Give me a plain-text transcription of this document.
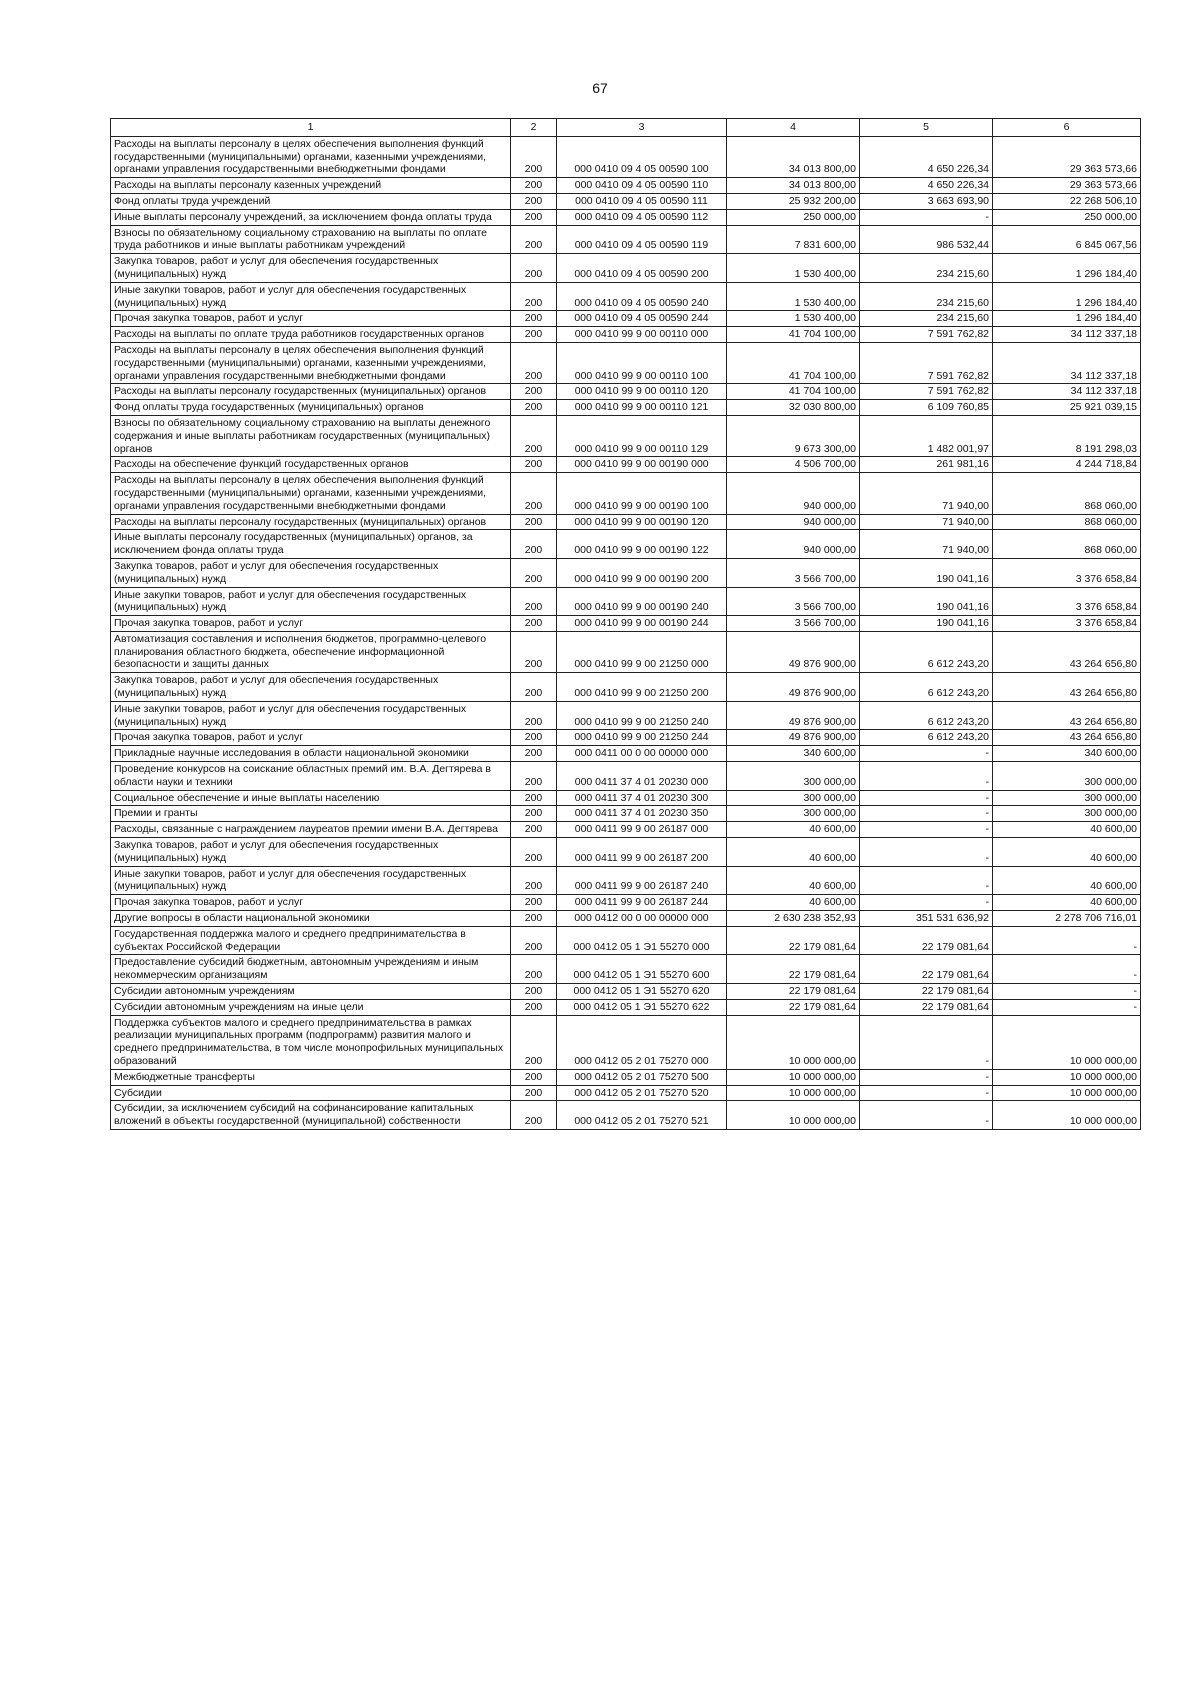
67
1	2	3	4	5	6
Расходы на выплаты персоналу в целях обеспечения выполнения функций государственными (муниципальными) органами, казенными учреждениями, органами управления государственными внебюджетными фондами	200	000 0410 09 4 05 00590 100	34 013 800,00	4 650 226,34	29 363 573,66
Расходы на выплаты персоналу казенных учреждений	200	000 0410 09 4 05 00590 110	34 013 800,00	4 650 226,34	29 363 573,66
Фонд оплаты труда учреждений	200	000 0410 09 4 05 00590 111	25 932 200,00	3 663 693,90	22 268 506,10
Иные выплаты персоналу учреждений, за исключением фонда оплаты труда	200	000 0410 09 4 05 00590 112	250 000,00	-	250 000,00
Взносы по обязательному социальному страхованию на выплаты по оплате труда работников и иные выплаты работникам учреждений	200	000 0410 09 4 05 00590 119	7 831 600,00	986 532,44	6 845 067,56
Закупка товаров, работ и услуг для обеспечения государственных (муниципальных) нужд	200	000 0410 09 4 05 00590 200	1 530 400,00	234 215,60	1 296 184,40
Иные закупки товаров, работ и услуг для обеспечения государственных (муниципальных) нужд	200	000 0410 09 4 05 00590 240	1 530 400,00	234 215,60	1 296 184,40
Прочая закупка товаров, работ и услуг	200	000 0410 09 4 05 00590 244	1 530 400,00	234 215,60	1 296 184,40
Расходы на выплаты по оплате труда работников государственных органов	200	000 0410 99 9 00 00110 000	41 704 100,00	7 591 762,82	34 112 337,18
Расходы на выплаты персоналу в целях обеспечения выполнения функций государственными (муниципальными) органами, казенными учреждениями, органами управления государственными внебюджетными фондами	200	000 0410 99 9 00 00110 100	41 704 100,00	7 591 762,82	34 112 337,18
Расходы на выплаты персоналу государственных (муниципальных) органов	200	000 0410 99 9 00 00110 120	41 704 100,00	7 591 762,82	34 112 337,18
Фонд оплаты труда государственных (муниципальных) органов	200	000 0410 99 9 00 00110 121	32 030 800,00	6 109 760,85	25 921 039,15
Взносы по обязательному социальному страхованию на выплаты денежного содержания и иные выплаты работникам государственных (муниципальных) органов	200	000 0410 99 9 00 00110 129	9 673 300,00	1 482 001,97	8 191 298,03
Расходы на обеспечение функций государственных органов	200	000 0410 99 9 00 00190 000	4 506 700,00	261 981,16	4 244 718,84
Расходы на выплаты персоналу в целях обеспечения выполнения функций государственными (муниципальными) органами, казенными учреждениями, органами управления государственными внебюджетными фондами	200	000 0410 99 9 00 00190 100	940 000,00	71 940,00	868 060,00
Расходы на выплаты персоналу государственных (муниципальных) органов	200	000 0410 99 9 00 00190 120	940 000,00	71 940,00	868 060,00
Иные выплаты персоналу государственных (муниципальных) органов, за исключением фонда оплаты труда	200	000 0410 99 9 00 00190 122	940 000,00	71 940,00	868 060,00
Закупка товаров, работ и услуг для обеспечения государственных (муниципальных) нужд	200	000 0410 99 9 00 00190 200	3 566 700,00	190 041,16	3 376 658,84
Иные закупки товаров, работ и услуг для обеспечения государственных (муниципальных) нужд	200	000 0410 99 9 00 00190 240	3 566 700,00	190 041,16	3 376 658,84
Прочая закупка товаров, работ и услуг	200	000 0410 99 9 00 00190 244	3 566 700,00	190 041,16	3 376 658,84
Автоматизация составления и исполнения бюджетов, программно-целевого планирования областного бюджета, обеспечение информационной безопасности и защиты данных	200	000 0410 99 9 00 21250 000	49 876 900,00	6 612 243,20	43 264 656,80
Закупка товаров, работ и услуг для обеспечения государственных (муниципальных) нужд	200	000 0410 99 9 00 21250 200	49 876 900,00	6 612 243,20	43 264 656,80
Иные закупки товаров, работ и услуг для обеспечения государственных (муниципальных) нужд	200	000 0410 99 9 00 21250 240	49 876 900,00	6 612 243,20	43 264 656,80
Прочая закупка товаров, работ и услуг	200	000 0410 99 9 00 21250 244	49 876 900,00	6 612 243,20	43 264 656,80
Прикладные научные исследования в области национальной экономики	200	000 0411 00 0 00 00000 000	340 600,00	-	340 600,00
Проведение конкурсов на соискание областных премий им. В.А. Дегтярева в области науки и техники	200	000 0411 37 4 01 20230 000	300 000,00	-	300 000,00
Социальное обеспечение и иные выплаты населению	200	000 0411 37 4 01 20230 300	300 000,00	-	300 000,00
Премии и гранты	200	000 0411 37 4 01 20230 350	300 000,00	-	300 000,00
Расходы, связанные с награждением лауреатов премии имени В.А. Дегтярева	200	000 0411 99 9 00 26187 000	40 600,00	-	40 600,00
Закупка товаров, работ и услуг для обеспечения государственных (муниципальных) нужд	200	000 0411 99 9 00 26187 200	40 600,00	-	40 600,00
Иные закупки товаров, работ и услуг для обеспечения государственных (муниципальных) нужд	200	000 0411 99 9 00 26187 240	40 600,00	-	40 600,00
Прочая закупка товаров, работ и услуг	200	000 0411 99 9 00 26187 244	40 600,00	-	40 600,00
Другие вопросы в области национальной экономики	200	000 0412 00 0 00 00000 000	2 630 238 352,93	351 531 636,92	2 278 706 716,01
Государственная поддержка малого и среднего предпринимательства в субъектах Российской Федерации	200	000 0412 05 1 Э1 55270 000	22 179 081,64	22 179 081,64	-
Предоставление субсидий бюджетным, автономным учреждениям и иным некоммерческим организациям	200	000 0412 05 1 Э1 55270 600	22 179 081,64	22 179 081,64	-
Субсидии автономным учреждениям	200	000 0412 05 1 Э1 55270 620	22 179 081,64	22 179 081,64	-
Субсидии автономным учреждениям на иные цели	200	000 0412 05 1 Э1 55270 622	22 179 081,64	22 179 081,64	-
Поддержка субъектов малого и среднего предпринимательства в рамках реализации муниципальных программ (подпрограмм) развития малого и среднего предпринимательства, в том числе монопрофильных муниципальных образований	200	000 0412 05 2 01 75270 000	10 000 000,00	-	10 000 000,00
Межбюджетные трансферты	200	000 0412 05 2 01 75270 500	10 000 000,00	-	10 000 000,00
Субсидии	200	000 0412 05 2 01 75270 520	10 000 000,00	-	10 000 000,00
Субсидии, за исключением субсидий на софинансирование капитальных вложений в объекты государственной (муниципальной) собственности	200	000 0412 05 2 01 75270 521	10 000 000,00	-	10 000 000,00
